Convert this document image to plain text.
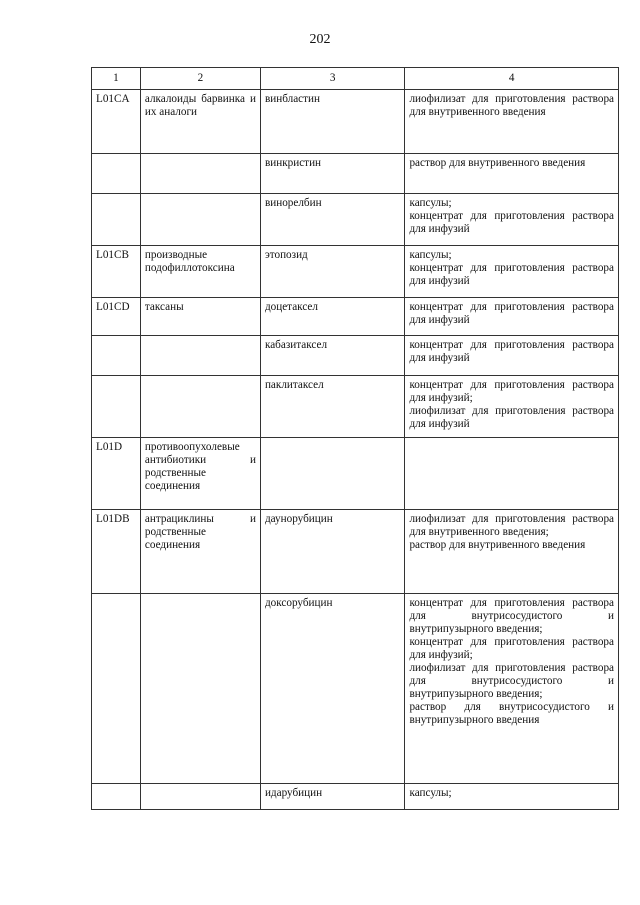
202
1	2	3	4
L01CA	алкалоиды барвинка и их аналоги	винбластин	лиофилизат для приготовления раствора для внутривенного введения
		винкристин	раствор для внутривенного введения
		винорелбин	капсулы;
концентрат для приготовления раствора для инфузий
L01CB	производные подофиллотоксина	этопозид	капсулы;
концентрат для приготовления раствора для инфузий
L01CD	таксаны	доцетаксел	концентрат для приготовления раствора для инфузий
		кабазитаксел	концентрат для приготовления раствора для инфузий
		паклитаксел	концентрат для приготовления раствора для инфузий;
лиофилизат для приготовления раствора для инфузий
L01D	противоопухолевые антибиотики и родственные соединения		
L01DB	антрациклины и родственные соединения	даунорубицин	лиофилизат для приготовления раствора для внутривенного введения;
раствор для внутривенного введения
		доксорубицин	концентрат для приготовления раствора для внутрисосудистого и внутрипузырного введения;
концентрат для приготовления раствора для инфузий;
лиофилизат для приготовления раствора для внутрисосудистого и внутрипузырного введения;
раствор для внутрисосудистого и внутрипузырного введения
		идарубицин	капсулы;
